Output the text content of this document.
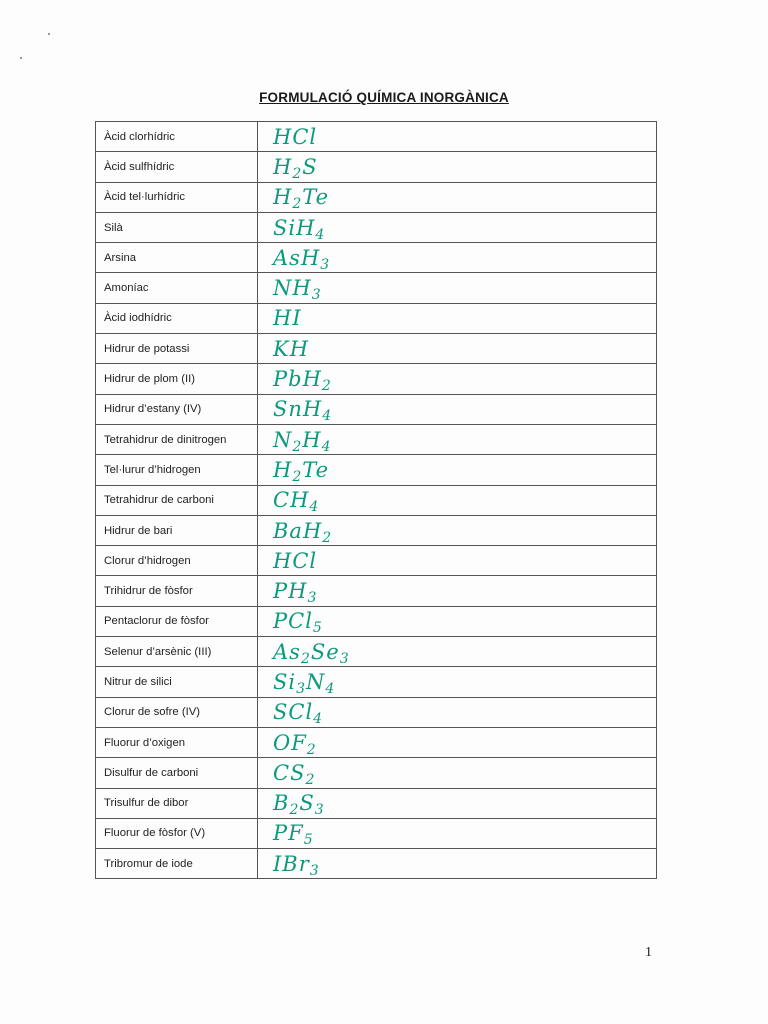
FORMULACIÓ QUÍMICA INORGÀNICA
Àcid clorhídric	HCl
Àcid sulfhídric	$H_2S$
Àcid tel·lurhídric	$H_2Te$
Silà	SiH$_4$
Arsina	AsH$_3$
Amoníac	$NH_3$
Àcid iodhídric	HI
Hidrur de potassi	KH
Hidrur de plom (II)	PbH$_2$
Hidrur d’estany (IV)	SnH$_4$
Tetrahidrur de dinitrogen	$N_2H_4$
Tel·lurur d’hidrogen	$H_2Te$
Tetrahidrur de carboni	$CH_4$
Hidrur de bari	BaH$_2$
Clorur d’hidrogen	HCl
Trihidrur de fòsfor	$PH_3$
Pentaclorur de fòsfor	PCl$_5$
Selenur d’arsènic (III)	$As_2Se_3$
Nitrur de silici	$Si_3N_4$
Clorur de sofre (IV)	SCl$_4$
Fluorur d’oxigen	$OF_2$
Disulfur de carboni	$CS_2$
Trisulfur de dibor	$B_2S_3$
Fluorur de fòsfor (V)	$PF_5$
Tribromur de iode	IBr$_3$
1
